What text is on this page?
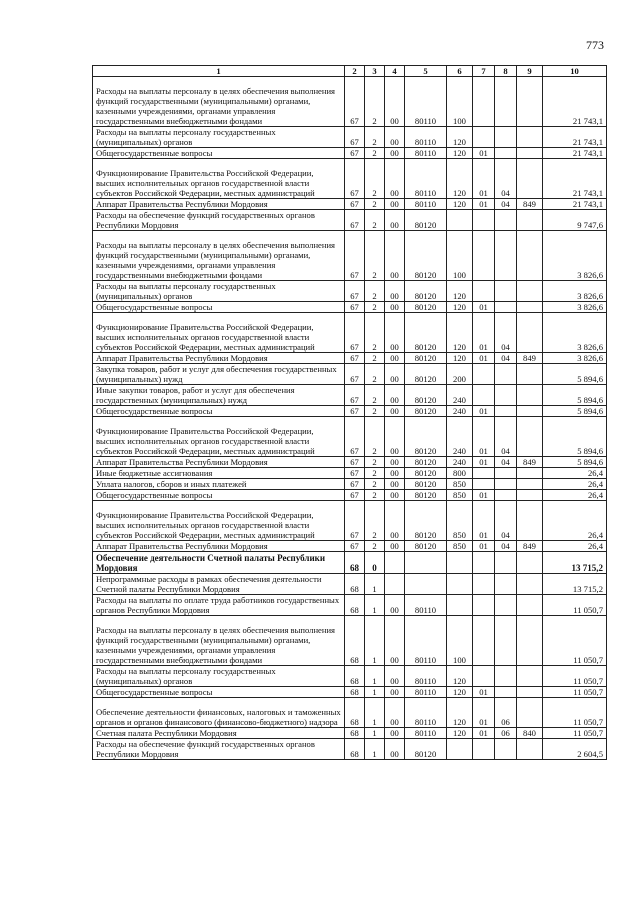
773
1	2	3	4	5	6	7	8	9	10
Расходы на выплаты персоналу в целях обеспечения выполнения функций государственными (муниципальными) органами, казенными учреждениями, органами управления государственными внебюджетными фондами	67	2	00	80110	100				21 743,1
Расходы на выплаты персоналу государственных (муниципальных) органов	67	2	00	80110	120				21 743,1
Общегосударственные вопросы	67	2	00	80110	120	01			21 743,1
Функционирование Правительства Российской Федерации, высших исполнительных органов государственной власти субъектов Российской Федерации, местных администраций	67	2	00	80110	120	01	04		21 743,1
Аппарат Правительства Республики Мордовия	67	2	00	80110	120	01	04	849	21 743,1
Расходы на обеспечение функций государственных органов Республики Мордовия	67	2	00	80120					9 747,6
Расходы на выплаты персоналу в целях обеспечения выполнения функций государственными (муниципальными) органами, казенными учреждениями, органами управления государственными внебюджетными фондами	67	2	00	80120	100				3 826,6
Расходы на выплаты персоналу государственных (муниципальных) органов	67	2	00	80120	120				3 826,6
Общегосударственные вопросы	67	2	00	80120	120	01			3 826,6
Функционирование Правительства Российской Федерации, высших исполнительных органов государственной власти субъектов Российской Федерации, местных администраций	67	2	00	80120	120	01	04		3 826,6
Аппарат Правительства Республики Мордовия	67	2	00	80120	120	01	04	849	3 826,6
Закупка товаров, работ и услуг для обеспечения государственных (муниципальных) нужд	67	2	00	80120	200				5 894,6
Иные закупки товаров, работ и услуг для обеспечения государственных (муниципальных) нужд	67	2	00	80120	240				5 894,6
Общегосударственные вопросы	67	2	00	80120	240	01			5 894,6
Функционирование Правительства Российской Федерации, высших исполнительных органов государственной власти субъектов Российской Федерации, местных администраций	67	2	00	80120	240	01	04		5 894,6
Аппарат Правительства Республики Мордовия	67	2	00	80120	240	01	04	849	5 894,6
Иные бюджетные ассигнования	67	2	00	80120	800				26,4
Уплата налогов, сборов и иных платежей	67	2	00	80120	850				26,4
Общегосударственные вопросы	67	2	00	80120	850	01			26,4
Функционирование Правительства Российской Федерации, высших исполнительных органов государственной власти субъектов Российской Федерации, местных администраций	67	2	00	80120	850	01	04		26,4
Аппарат Правительства Республики Мордовия	67	2	00	80120	850	01	04	849	26,4
Обеспечение деятельности Счетной палаты Республики Мордовия	68	0							13 715,2
Непрограммные расходы в рамках обеспечения деятельности Счетной палаты Республики Мордовия	68	1							13 715,2
Расходы на выплаты по оплате труда работников государственных органов Республики Мордовия	68	1	00	80110					11 050,7
Расходы на выплаты персоналу в целях обеспечения выполнения функций государственными (муниципальными) органами, казенными учреждениями, органами управления государственными внебюджетными фондами	68	1	00	80110	100				11 050,7
Расходы на выплаты персоналу государственных (муниципальных) органов	68	1	00	80110	120				11 050,7
Общегосударственные вопросы	68	1	00	80110	120	01			11 050,7
Обеспечение деятельности финансовых, налоговых и таможенных органов и органов финансового (финансово-бюджетного) надзора	68	1	00	80110	120	01	06		11 050,7
Счетная палата Республики Мордовия	68	1	00	80110	120	01	06	840	11 050,7
Расходы на обеспечение функций государственных органов Республики Мордовия	68	1	00	80120					2 604,5
